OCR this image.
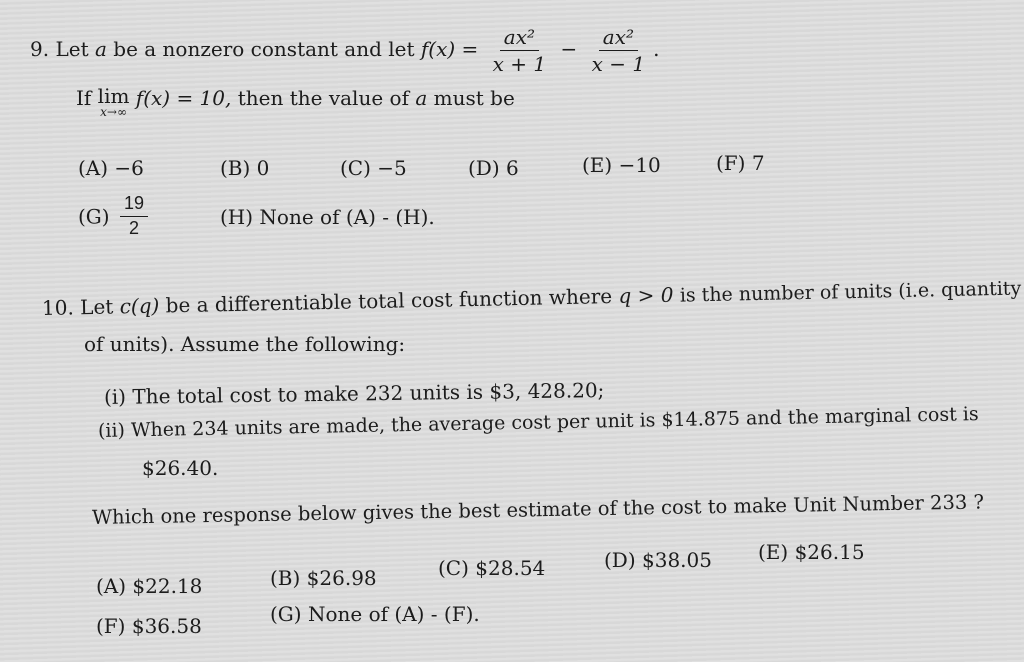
9. Let a be a nonzero constant and let $f(x) = \frac{\text{ax²}}{x + 1} - \frac{\text{ax²}}{x - 1}$ .
If lim
x→∞
f(x) = 10, then the value of a must be
(A) −6	(B) 0	(C) −5	(D) 6	(E) −10	(F) 7
$(G) \frac{19}{2}$	(H) None of (A) - (H).
10. Let c(q) be a differentiable total cost function where q > 0 is the number of units (i.e. quantity
of units). Assume the following:
(i) The total cost to make 232 units is $3, 428.20;
(ii) When 234 units are made, the average cost per unit is $14.875 and the marginal cost is
$26.40.
Which one response below gives the best estimate of the cost to make Unit Number 233 ?
(A) $22.18	(B) $26.98	(C) $28.54	(D) $38.05 (E) $26.15
(F) $36.58	(G) None of (A) - (F).
